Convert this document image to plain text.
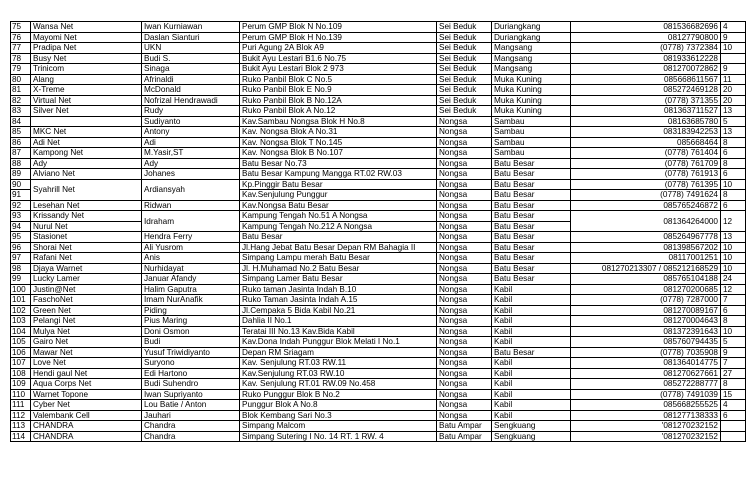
75	Wansa Net	Iwan Kurniawan	Perum GMP Blok N No.109	Sei Beduk	Duriangkang	081536682696	4
76	Mayomi Net	Daslan Sianturi	Perum GMP Blok H No.139	Sei Beduk	Duriangkang	08127790800	9
77	Pradipa Net	UKN	Puri Agung 2A Blok A9	Sei Beduk	Mangsang	(0778) 7372384	10
78	Busy Net	Budi S.	Bukit Ayu Lestari B1.6 No.75	Sei Beduk	Mangsang	081933612228	
79	Trinicom	Sinaga	Bukit Ayu Lestari Blok 2 973	Sei Beduk	Mangsang	081270072862	9
80	Alang	Afrinaldi	Ruko Panbil Blok C No.5	Sei Beduk	Muka Kuning	085668611567	11
81	X-Treme	McDonald	Ruko Panbil Blok E No.9	Sei Beduk	Muka Kuning	085272469128	20
82	Virtual Net	Nofrizal Hendrawadi	Ruko Panbil Blok B No.12A	Sei Beduk	Muka Kuning	(0778) 371355	20
83	Silver Net	Rudy	Ruko Panbil Blok A No.12	Sei Beduk	Muka Kuning	081363711527	13
84		Sudiyanto	Kav.Sambau Nongsa Blok H No.8	Nongsa	Sambau	08163685780	5
85	MKC Net	Antony	Kav. Nongsa Blok A No.31	Nongsa	Sambau	083183942253	13
86	Adi Net	Adi	Kav. Nongsa Blok T No.145	Nongsa	Sambau	085668464	8
87	Kampong Net	M.Yasir,ST	Kav. Nongsa Blok B No.107	Nongsa	Sambau	(0778) 761404	6
88	Ady	Ady	Batu Besar No.73	Nongsa	Batu Besar	(0778) 761709	8
89	Alviano Net	Johanes	Batu Besar Kampung Mangga RT.02 RW.03	Nongsa	Batu Besar	(0778) 761913	6
90	Syahrill Net	Ardiansyah	Kp.Pinggir Batu Besar	Nongsa	Batu Besar	(0778) 761395	10
91			Kav.Senjulung Punggur	Nongsa	Batu Besar	(0778) 7491624	8
92	Lesehan Net	Ridwan	Kav.Nongsa Batu Besar	Nongsa	Batu Besar	085765246872	6
93	Krissandy Net	Idraham	Kampung Tengah No.51 A Nongsa	Nongsa	Batu Besar	081364264000	12
94	Nurul Net		Kampung Tengah No.212 A Nongsa	Nongsa	Batu Besar		
95	Stasionet	Hendra Ferry	Batu Besar	Nongsa	Batu Besar	085264967778	13
96	Shorai Net	Ali Yusrom	Jl.Hang Jebat Batu Besar Depan RM Bahagia II	Nongsa	Batu Besar	081398567202	10
97	Rafani Net	Anis	Simpang Lampu merah Batu Besar	Nongsa	Batu Besar	08117001251	10
98	Djaya Warnet	Nurhidayat	Jl. H.Muhamad No.2 Batu Besar	Nongsa	Batu Besar	081270213307 / 085212168529	10
99	Lucky Lamer	Januar Afandy	Simpang Lamer Batu Besar	Nongsa	Batu Besar	085765104188	24
100	Justin@Net	Halim Gaputra	Ruko taman Jasinta Indah B.10	Nongsa	Kabil	081270200685	12
101	FaschoNet	Imam NurAnafik	Ruko Taman Jasinta Indah A.15	Nongsa	Kabil	(0778) 7287000	7
102	Green Net	Piding	Jl.Cempaka 5 Bida Kabil No.21	Nongsa	Kabil	081270089167	6
103	Pelangi Net	Pius Maring	Dahlia II No.1	Nongsa	Kabil	081270004643	8
104	Mulya Net	Doni Osmon	Teratai III No.13 Kav.Bida Kabil	Nongsa	Kabil	081372391643	10
105	Gairo Net	Budi	Kav.Dona Indah Punggur Blok Melati I No.1	Nongsa	Kabil	085760794435	5
106	Mawar Net	Yusuf Triwidiyanto	Depan RM Sriagam	Nongsa	Batu Besar	(0778) 7035908	9
107	Love Net	Suryono	Kav. Senjulung RT.03 RW.11	Nongsa	Kabil	081364014775	7
108	Hendi gaul Net	Edi Hartono	Kav.Senjulung RT.03 RW.10	Nongsa	Kabil	081270627661	27
109	Aqua Corps Net	Budi Suhendro	Kav. Senjulung RT.01 RW.09 No.458	Nongsa	Kabil	085272288777	8
110	Warnet Topone	Iwan Supriyanto	Ruko Punggur Blok B No.2	Nongsa	Kabil	(0778) 7491039	15
111	Cyber Net	Lou Batie / Anton	Punggur Blok A No.8	Nongsa	Kabil	085668255525	4
112	Valembank Cell	Jauhari	Blok Kembang Sari No.3	Nongsa	Kabil	081277138333	6
113	CHANDRA	Chandra	Simpang Malcom	Batu Ampar	Sengkuang	'081270232152	
114	CHANDRA	Chandra	Simpang Sutering I No. 14 RT. 1 RW. 4	Batu Ampar	Sengkuang	'081270232152	
